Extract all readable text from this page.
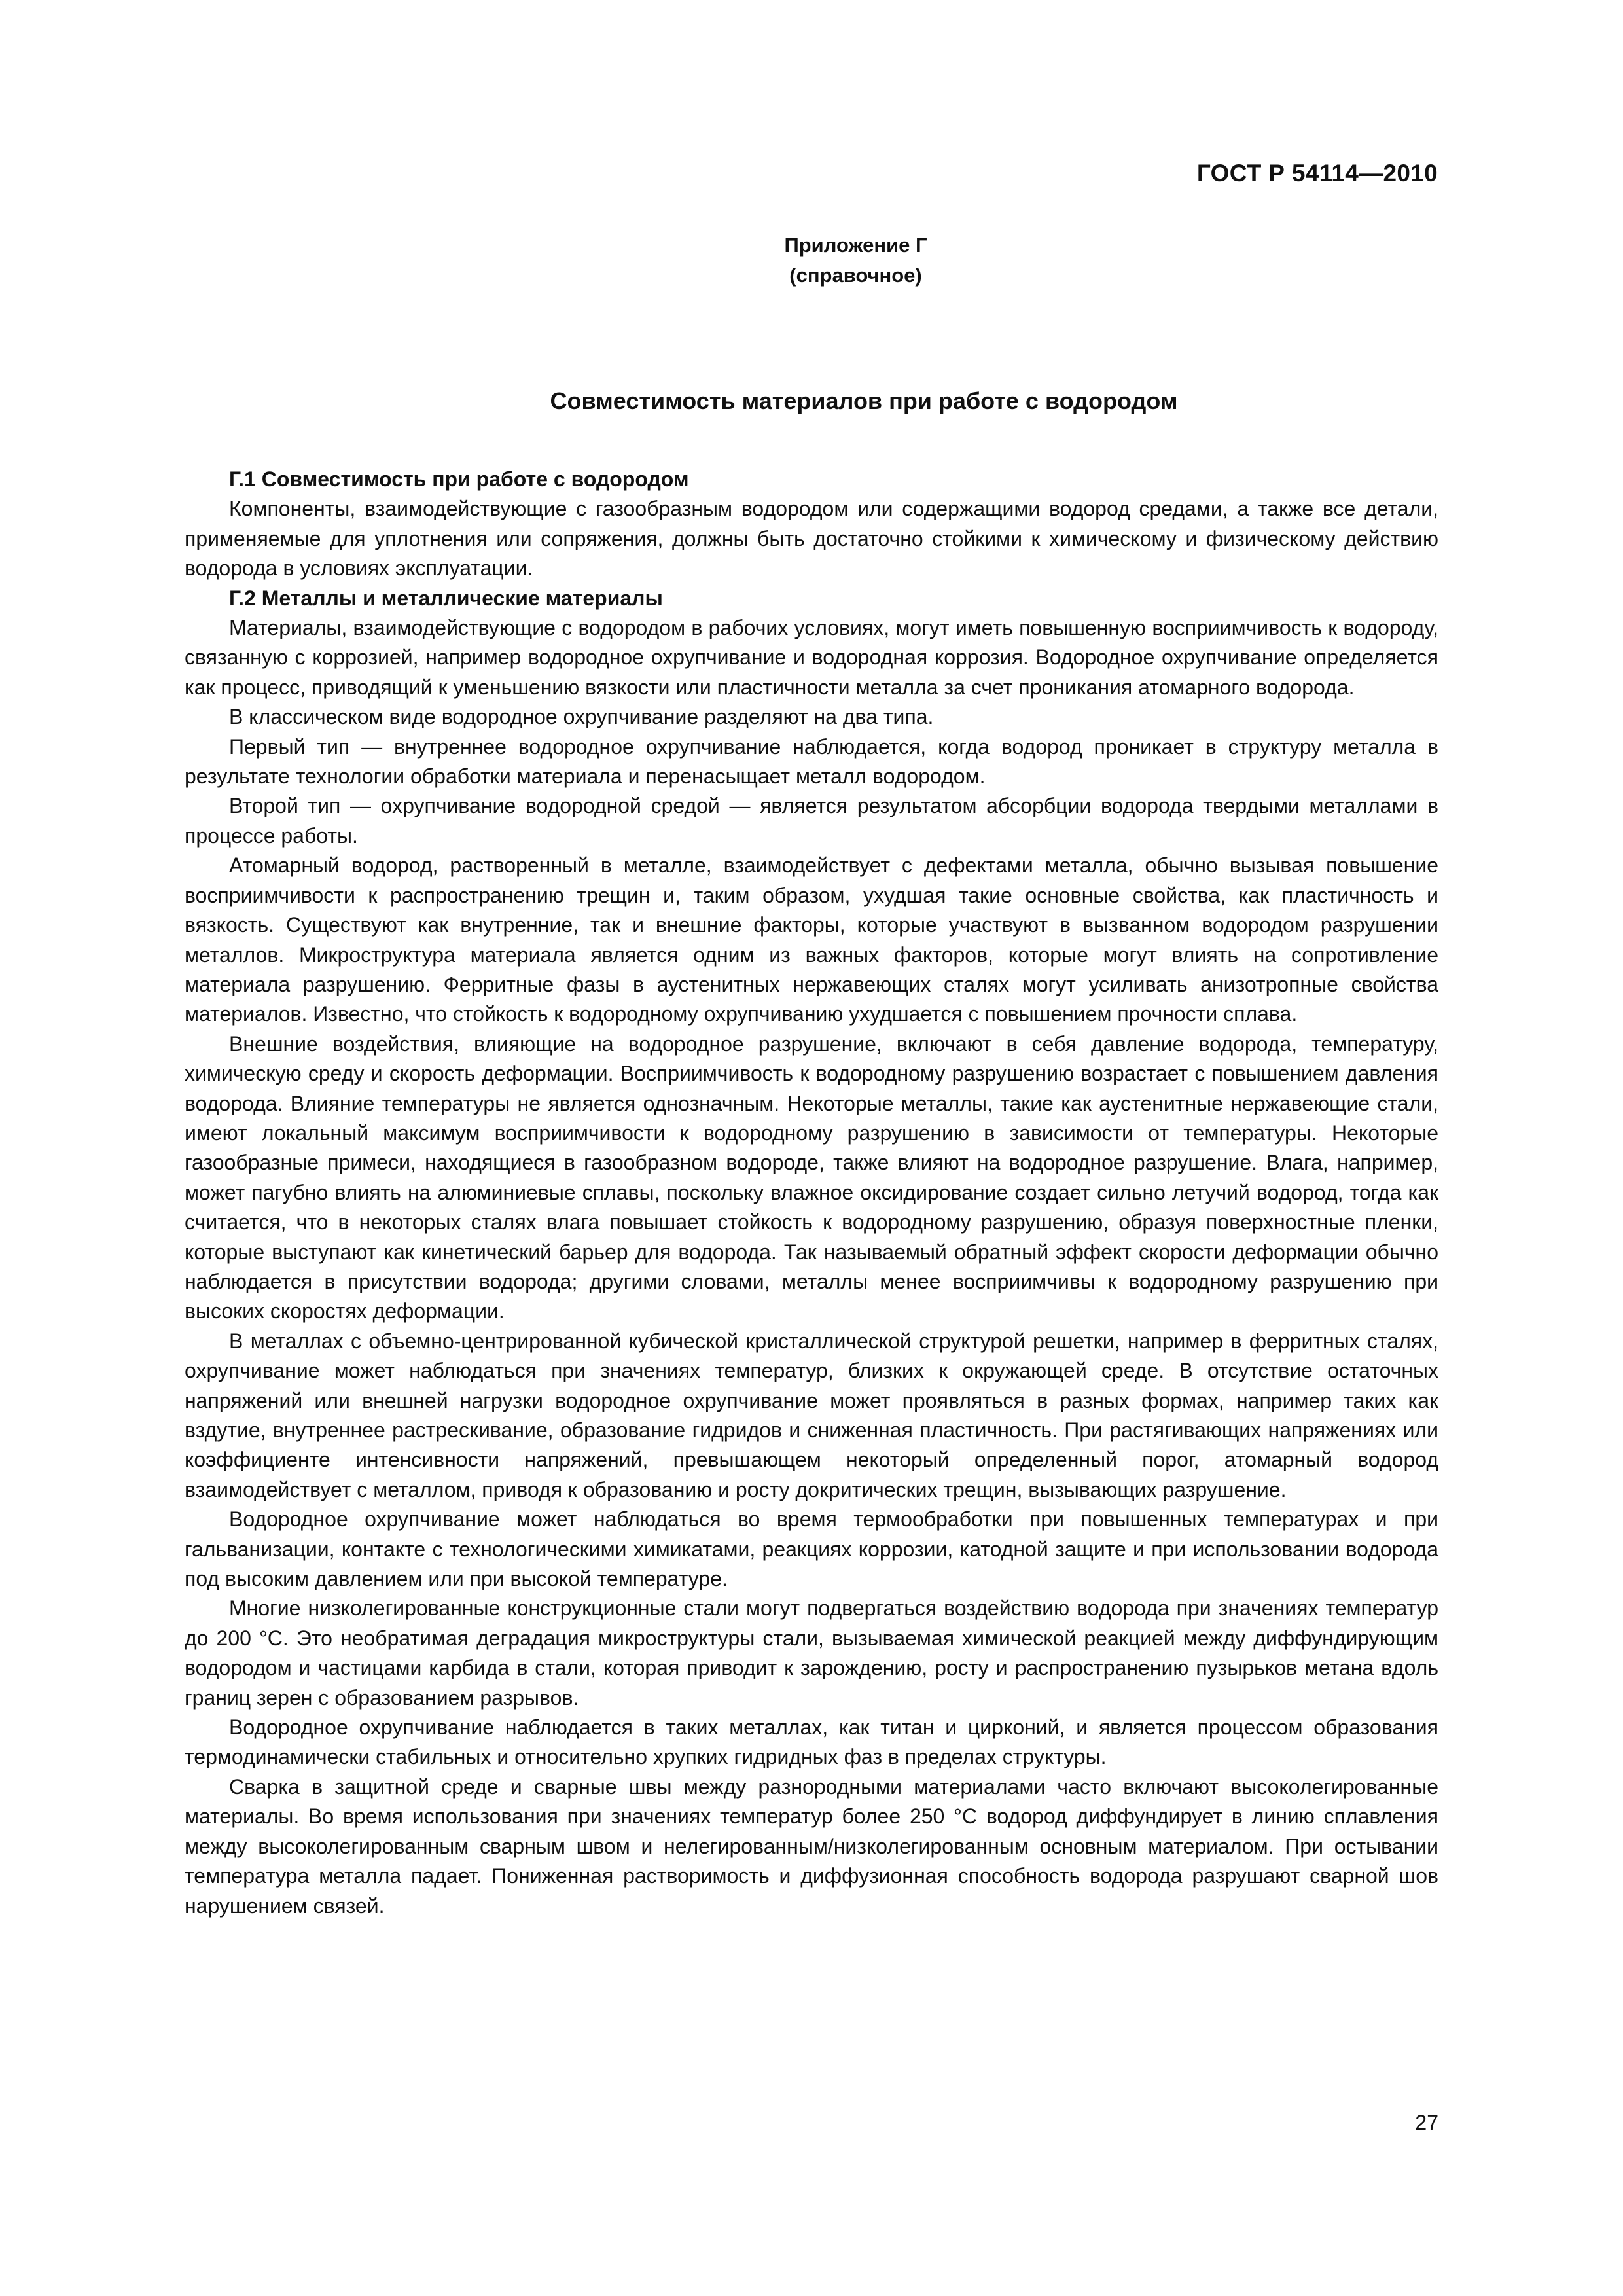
ГОСТ Р 54114—2010
Приложение Г
(справочное)
Совместимость материалов при работе с водородом
Г.1 Совместимость при работе с водородом

Компоненты, взаимодействующие с газообразным водородом или содержащими водород средами, а также все детали, применяемые для уплотнения или сопряжения, должны быть достаточно стойкими к химическому и физическому действию водорода в условиях эксплуатации.

Г.2 Металлы и металлические материалы

Материалы, взаимодействующие с водородом в рабочих условиях, могут иметь повышенную восприимчивость к водороду, связанную с коррозией, например водородное охрупчивание и водородная коррозия. Водородное охрупчивание определяется как процесс, приводящий к уменьшению вязкости или пластичности металла за счет проникания атомарного водорода.

В классическом виде водородное охрупчивание разделяют на два типа.

Первый тип — внутреннее водородное охрупчивание наблюдается, когда водород проникает в структуру металла в результате технологии обработки материала и перенасыщает металл водородом.

Второй тип — охрупчивание водородной средой — является результатом абсорбции водорода твердыми металлами в процессе работы.

Атомарный водород, растворенный в металле, взаимодействует с дефектами металла, обычно вызывая повышение восприимчивости к распространению трещин и, таким образом, ухудшая такие основные свойства, как пластичность и вязкость. Существуют как внутренние, так и внешние факторы, которые участвуют в вызванном водородом разрушении металлов. Микроструктура материала является одним из важных факторов, которые могут влиять на сопротивление материала разрушению. Ферритные фазы в аустенитных нержавеющих сталях могут усиливать анизотропные свойства материалов. Известно, что стойкость к водородному охрупчиванию ухудшается с повышением прочности сплава.

Внешние воздействия, влияющие на водородное разрушение, включают в себя давление водорода, температуру, химическую среду и скорость деформации. Восприимчивость к водородному разрушению возрастает с повышением давления водорода. Влияние температуры не является однозначным. Некоторые металлы, такие как аустенитные нержавеющие стали, имеют локальный максимум восприимчивости к водородному разрушению в зависимости от температуры. Некоторые газообразные примеси, находящиеся в газообразном водороде, также влияют на водородное разрушение. Влага, например, может пагубно влиять на алюминиевые сплавы, поскольку влажное оксидирование создает сильно летучий водород, тогда как считается, что в некоторых сталях влага повышает стойкость к водородному разрушению, образуя поверхностные пленки, которые выступают как кинетический барьер для водорода. Так называемый обратный эффект скорости деформации обычно наблюдается в присутствии водорода; другими словами, металлы менее восприимчивы к водородному разрушению при высоких скоростях деформации.

В металлах с объемно-центрированной кубической кристаллической структурой решетки, например в ферритных сталях, охрупчивание может наблюдаться при значениях температур, близких к окружающей среде. В отсутствие остаточных напряжений или внешней нагрузки водородное охрупчивание может проявляться в разных формах, например таких как вздутие, внутреннее растрескивание, образование гидридов и сниженная пластичность. При растягивающих напряжениях или коэффициенте интенсивности напряжений, превышающем некоторый определенный порог, атомарный водород взаимодействует с металлом, приводя к образованию и росту докритических трещин, вызывающих разрушение.

Водородное охрупчивание может наблюдаться во время термообработки при повышенных температурах и при гальванизации, контакте с технологическими химикатами, реакциях коррозии, катодной защите и при использовании водорода под высоким давлением или при высокой температуре.

Многие низколегированные конструкционные стали могут подвергаться воздействию водорода при значениях температур до 200 °С. Это необратимая деградация микроструктуры стали, вызываемая химической реакцией между диффундирующим водородом и частицами карбида в стали, которая приводит к зарождению, росту и распространению пузырьков метана вдоль границ зерен с образованием разрывов.

Водородное охрупчивание наблюдается в таких металлах, как титан и цирконий, и является процессом образования термодинамически стабильных и относительно хрупких гидридных фаз в пределах структуры.

Сварка в защитной среде и сварные швы между разнородными материалами часто включают высоколегированные материалы. Во время использования при значениях температур более 250 °С водород диффундирует в линию сплавления между высоколегированным сварным швом и нелегированным/низколегированным основным материалом. При остывании температура металла падает. Пониженная растворимость и диффузионная способность водорода разрушают сварной шов нарушением связей.

27
